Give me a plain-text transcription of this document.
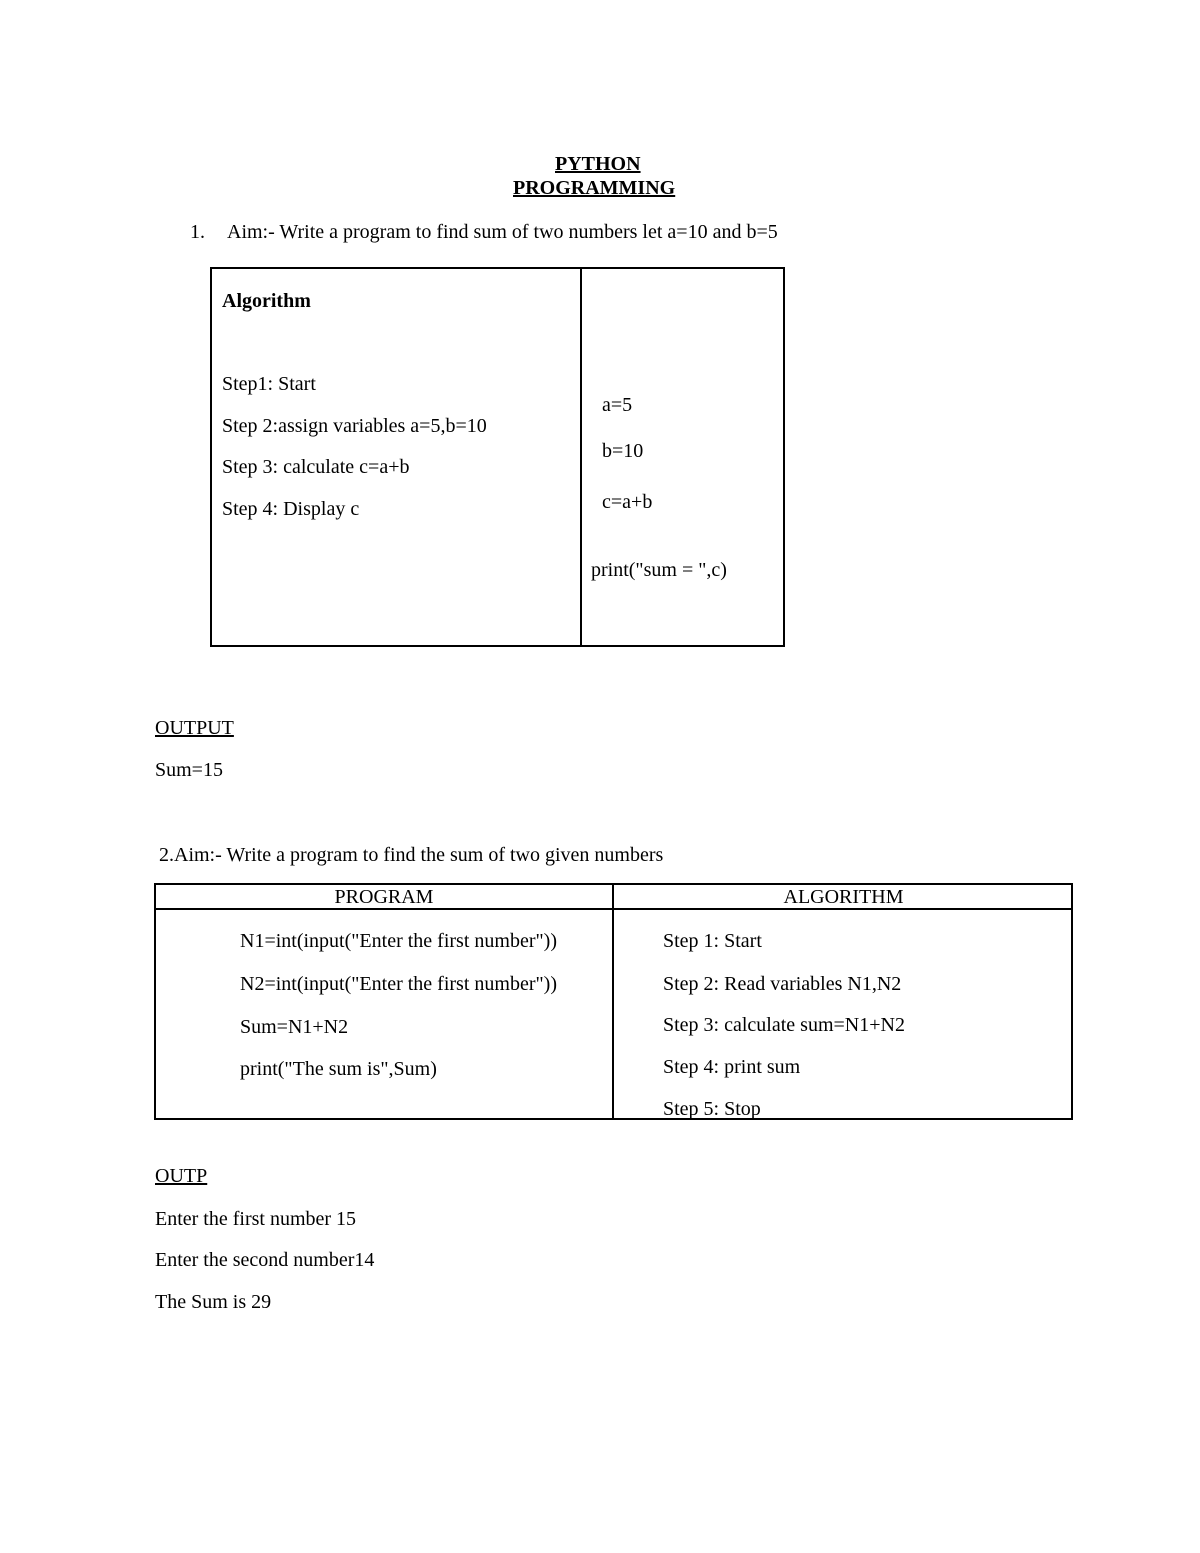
PYTHON
PROGRAMMING
1. Aim:- Write a program to find sum of two numbers let a=10 and b=5
Algorithm
Step1: Start
Step 2:assign variables a=5,b=10
Step 3: calculate c=a+b
Step 4: Display c
a=5
b=10
c=a+b
print("sum = ",c)
OUTPUT
Sum=15
2.Aim:- Write a program to find the sum of two given numbers
PROGRAM	ALGORITHM
N1=int(input("Enter the first number"))
N2=int(input("Enter the first number"))
Sum=N1+N2
print("The sum is",Sum)
Step 1: Start
Step 2: Read variables N1,N2
Step 3: calculate sum=N1+N2
Step 4: print sum
Step 5: Stop
OUTP
Enter the first number 15
Enter the second number14
The Sum is 29
